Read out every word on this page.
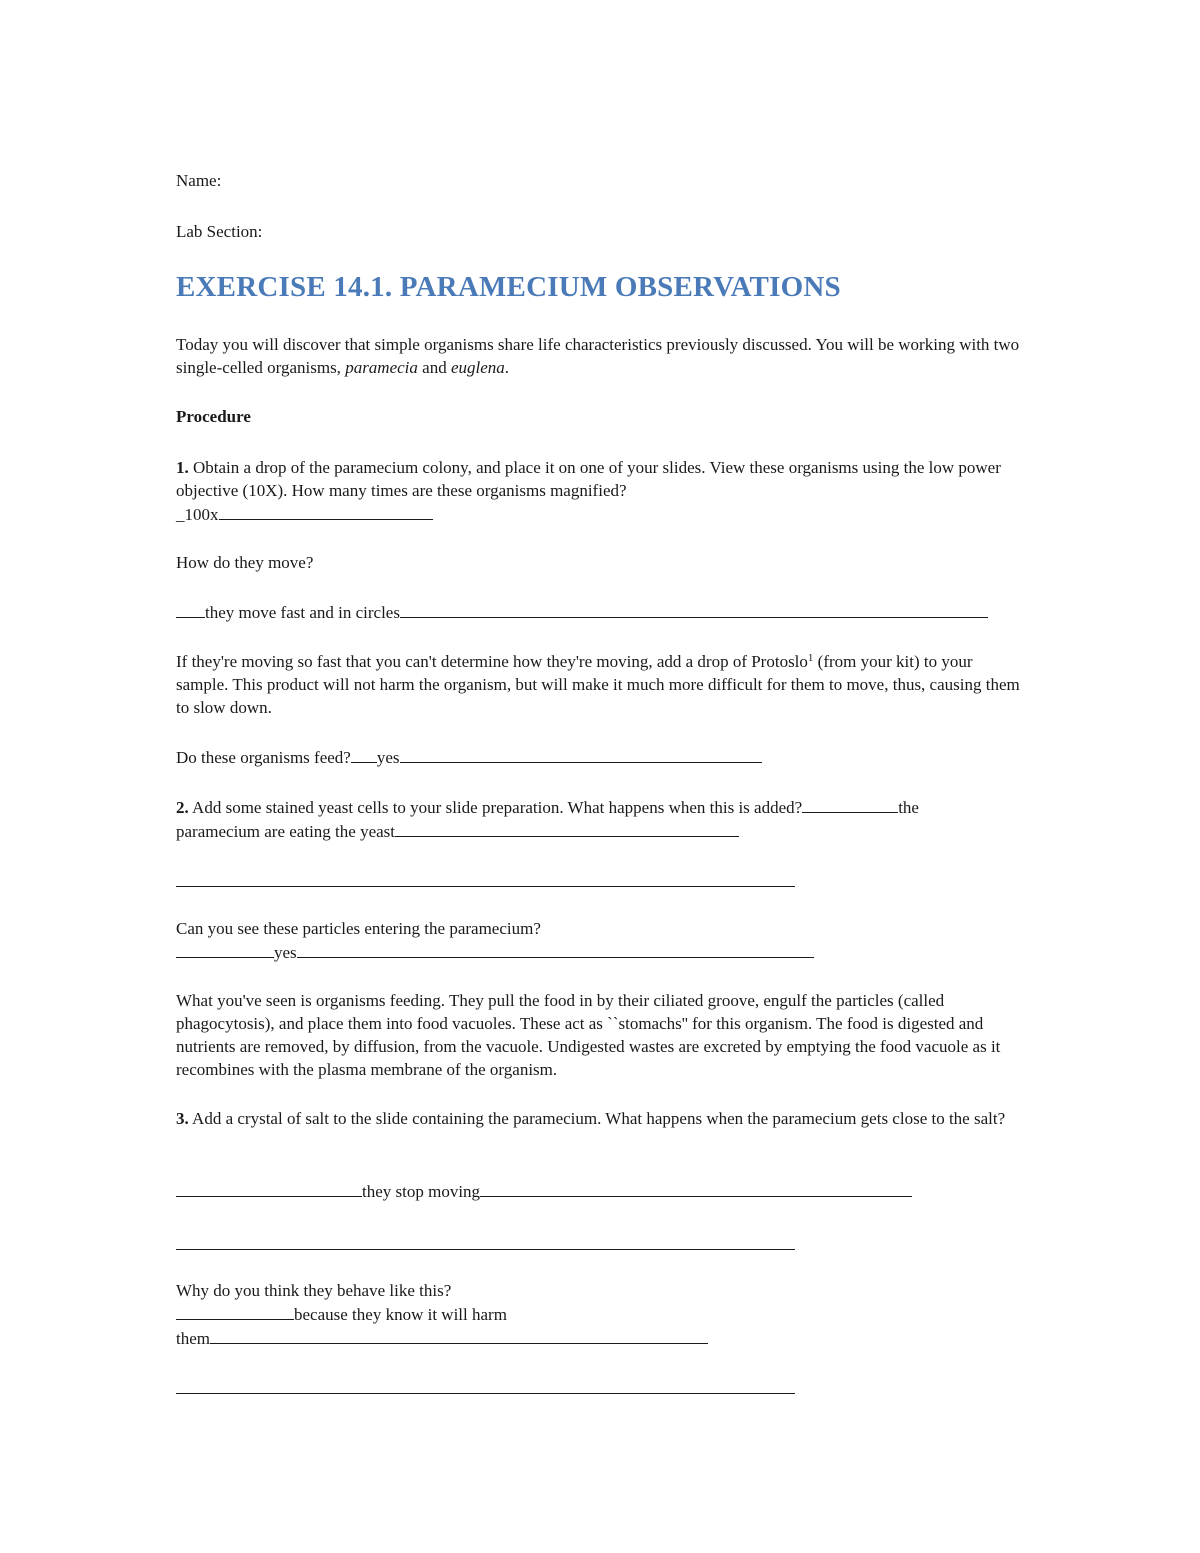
Name:

Lab Section:

EXERCISE 14.1. PARAMECIUM OBSERVATIONS

Today you will discover that simple organisms share life characteristics previously discussed. You will be working with two single-celled organisms, paramecia and euglena.

Procedure

1. Obtain a drop of the paramecium colony, and place it on one of your slides. View these organisms using the low power objective (10X). How many times are these organisms magnified?

_100x

How do they move?

they move fast and in circles

If they're moving so fast that you can't determine how they're moving, add a drop of Protoslo$^1$ (from your kit) to your sample. This product will not harm the organism, but will make it much more difficult for them to move, thus, causing them to slow down.

Do these organisms feed? yes

2. Add some stained yeast cells to your slide preparation. What happens when this is added?	the
paramecium are eating the yeast

Can you see these particles entering the paramecium?

yes

What you've seen is organisms feeding. They pull the food in by their ciliated groove, engulf the particles (called phagocytosis), and place them into food vacuoles. These act as ``stomachs'' for this organism. The food is digested and nutrients are removed, by diffusion, from the vacuole. Undigested wastes are excreted by emptying the food vacuole as it recombines with the plasma membrane of the organism.

3. Add a crystal of salt to the slide containing the paramecium. What happens when the paramecium gets close to the salt?

they stop moving

Why do you think they behave like this?

because they know it will harm
them
